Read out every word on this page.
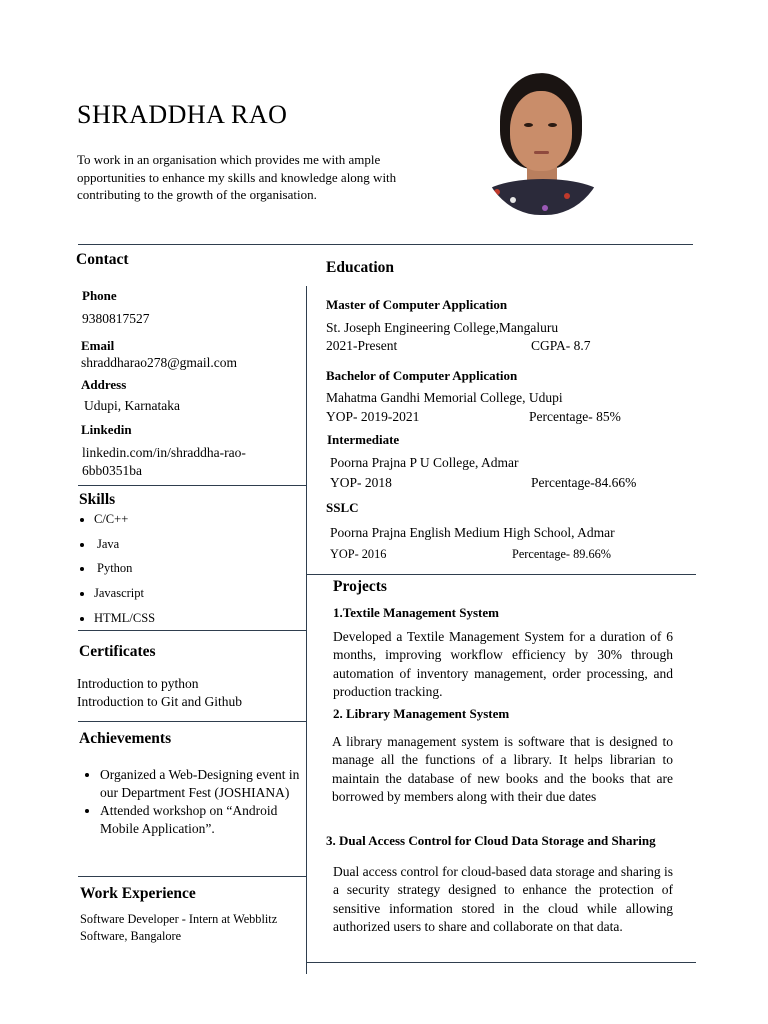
SHRADDHA RAO
To work in an organisation which provides me with ample opportunities to enhance my skills and knowledge along with contributing to the growth of the organisation.
Contact
Phone
9380817527
Email
shraddharao278@gmail.com
Address
Udupi, Karnataka
Linkedin
linkedin.com/in/shraddha-rao-
6bb0351ba
Skills
• C/C++
• Java
• Python
• Javascript
• HTML/CSS
Certificates
Introduction to python
Introduction to Git and Github
Achievements
• Organized a Web-Designing event in our Department Fest (JOSHIANA)
• Attended workshop on “Android Mobile Application”.
Work Experience
Software Developer - Intern at Webblitz
Software, Bangalore
Education
Master of Computer Application
St. Joseph Engineering College,Mangaluru
2021-Present	CGPA- 8.7
Bachelor of Computer Application
Mahatma Gandhi Memorial College, Udupi
YOP- 2019-2021	Percentage- 85%
Intermediate
Poorna Prajna P U College, Admar
YOP- 2018	Percentage-84.66%
SSLC
Poorna Prajna English Medium High School, Admar
YOP- 2016	Percentage- 89.66%
Projects
1.Textile Management System
Developed a Textile Management System for a duration of 6 months, improving workflow efficiency by 30% through automation of inventory management, order processing, and production tracking.
2. Library Management System
A library management system is software that is designed to manage all the functions of a library. It helps librarian to maintain the database of new books and the books that are borrowed by members along with their due dates
3. Dual Access Control for Cloud Data Storage and Sharing
Dual access control for cloud-based data storage and sharing is a security strategy designed to enhance the protection of sensitive information stored in the cloud while allowing authorized users to share and collaborate on that data.
